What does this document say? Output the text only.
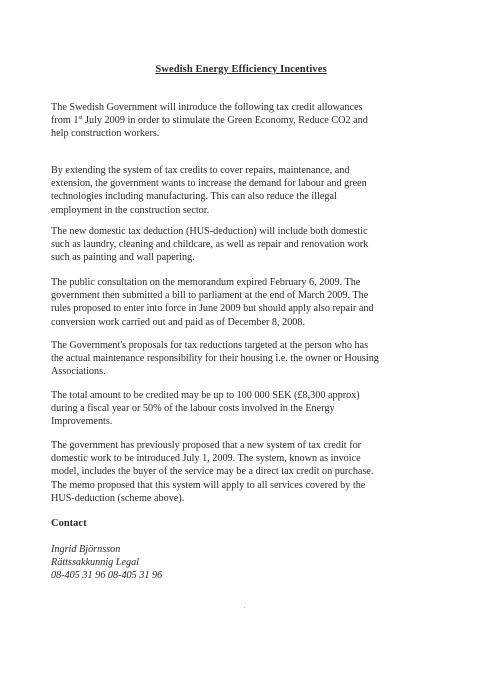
Swedish Energy Efficiency Incentives

The Swedish Government will introduce the following tax credit allowances
from 1st July 2009 in order to stimulate the Green Economy, Reduce CO2 and
help construction workers.

By extending the system of tax credits to cover repairs, maintenance, and
extension, the government wants to increase the demand for labour and green
technologies including manufacturing. This can also reduce the illegal
employment in the construction sector.

The new domestic tax deduction (HUS-deduction) will include both domestic
such as laundry, cleaning and childcare, as well as repair and renovation work
such as painting and wall papering.

The public consultation on the memorandum expired February 6, 2009. The
government then submitted a bill to parliament at the end of March 2009. The
rules proposed to enter into force in June 2009 but should apply also repair and
conversion work carried out and paid as of December 8, 2008.

The Government's proposals for tax reductions targeted at the person who has
the actual maintenance responsibility for their housing i.e. the owner or Housing
Associations.

The total amount to be credited may be up to 100 000 SEK (£8,300 approx)
during a fiscal year or 50% of the labour costs involved in the Energy
Improvements.

The government has previously proposed that a new system of tax credit for
domestic work to be introduced July 1, 2009. The system, known as invoice
model, includes the buyer of the service may be a direct tax credit on purchase.
The memo proposed that this system will apply to all services covered by the
HUS-deduction (scheme above).

Contact
Ingrid Björnsson
Rättssakkunnig Legal
08-405 31 96 08-405 31 96
